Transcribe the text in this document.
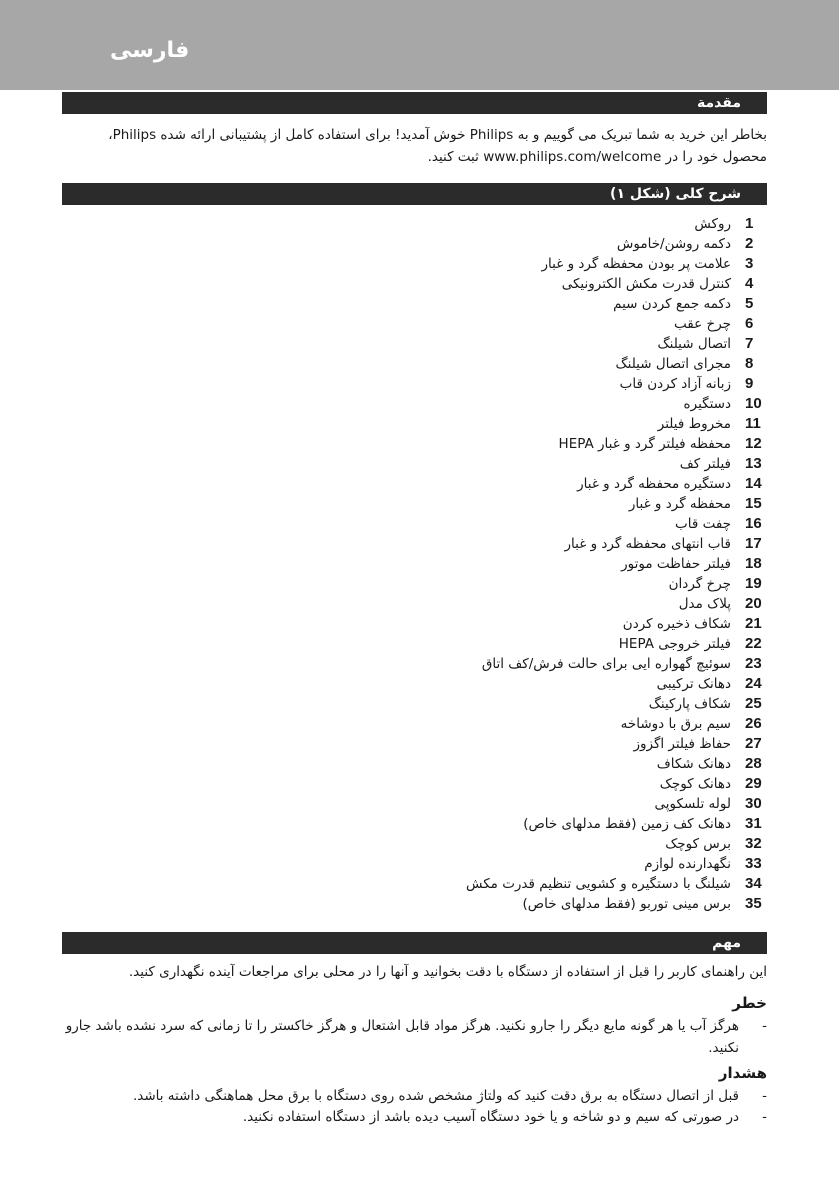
فارسی
مقدمة
بخاطر این خرید به شما تبریک می گوییم و به Philips خوش آمدید! برای استفاده کامل از پشتیبانی ارائه شده Philips، محصول خود را در www.philips.com/welcome ثبت کنید.
شرح کلی (شکل ۱)
1
روکش
2
دکمه روشن/خاموش
3
علامت پر بودن محفظه گرد و غبار
4
کنترل قدرت مکش الکترونیکی
5
دکمه جمع کردن سیم
6
چرخ عقب
7
اتصال شیلنگ
8
مجرای اتصال شیلنگ
9
زبانه آزاد کردن قاب
10
دستگیره
11
مخروط فیلتر
12
محفظه فیلتر گرد و غبار HEPA
13
فیلتر کف
14
دستگیره محفظه گرد و غبار
15
محفظه گرد و غبار
16
چفت قاب
17
قاب انتهای محفظه گرد و غبار
18
فیلتر حفاظت موتور
19
چرخ گردان
20
پلاک مدل
21
شکاف ذخیره کردن
22
فیلتر خروجی HEPA
23
سوئیچ گهواره ایی برای حالت فرش/کف اتاق
24
دهانک ترکیبی
25
شکاف پارکینگ
26
سیم برق با دوشاخه
27
حفاظ فیلتر اگزوز
28
دهانک شکاف
29
دهانک کوچک
30
لوله تلسکوپی
31
دهانک کف زمین (فقط مدلهای خاص)
32
برس کوچک
33
نگهدارنده لوازم
34
شیلنگ با دستگیره و کشویی تنظیم قدرت مکش
35
برس مینی توربو (فقط مدلهای خاص)
مهم
این راهنمای کاربر را قبل از استفاده از دستگاه با دقت بخوانید و آنها را در محلی برای مراجعات آینده نگهداری کنید.
خطر
-
هرگز آب یا هر گونه مایع دیگر را جارو نکنید. هرگز مواد قابل اشتعال و هرگز خاکستر را تا زمانی که سرد نشده باشد جارو نکنید.
هشدار
-
قبل از اتصال دستگاه به برق دقت کنید که ولتاژ مشخص شده روی دستگاه با برق محل هماهنگی داشته باشد.
-
در صورتی که سیم و دو شاخه و یا خود دستگاه آسیب دیده باشد از دستگاه استفاده نکنید.
